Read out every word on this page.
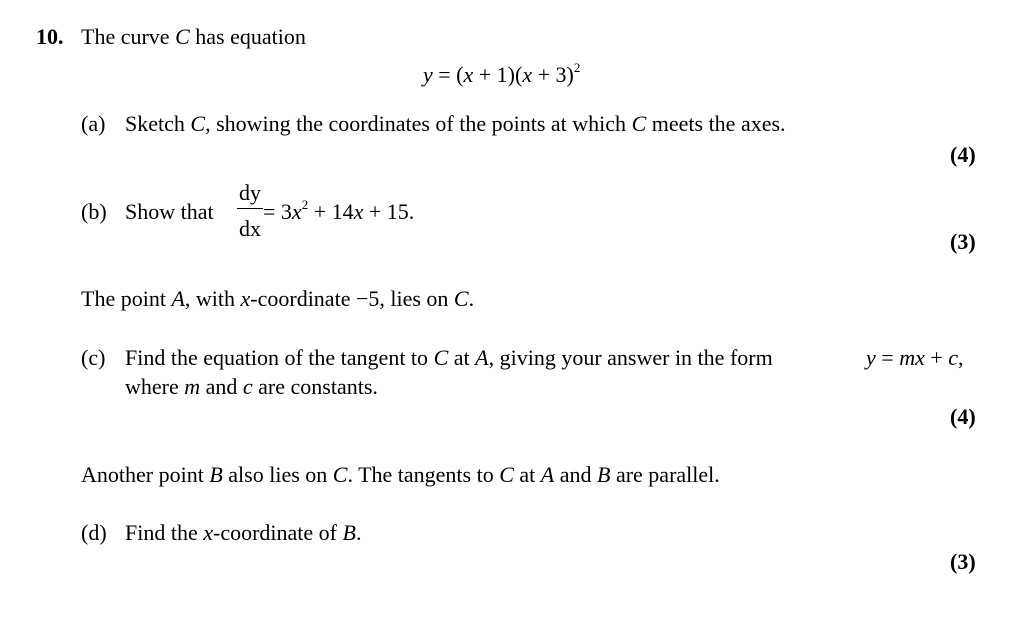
10. The curve C has equation
$y = (x + 1)(x + 3)^2$
(a) Sketch C, showing the coordinates of the points at which C meets the axes.
(4)
(b) Show that
dy
dx
= $3x^2 + 14x + 15$.
(3)
The point A, with x-coordinate −5, lies on C.
(c) Find the equation of the tangent to C at A, giving your answer in the form	y = mx + c,
where m and c are constants.
(4)
Another point B also lies on C. The tangents to C at A and B are parallel.
(d) Find the x-coordinate of B.
(3)
